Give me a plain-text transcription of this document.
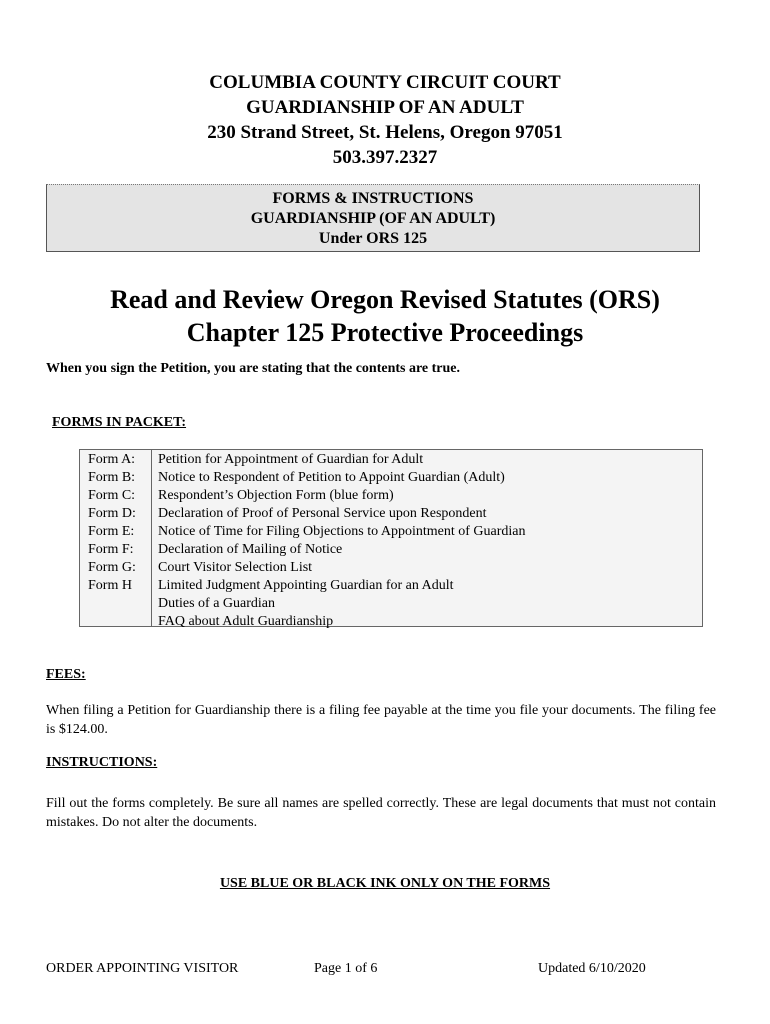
COLUMBIA COUNTY CIRCUIT COURT
GUARDIANSHIP OF AN ADULT
230 Strand Street, St. Helens, Oregon 97051
503.397.2327
FORMS & INSTRUCTIONS
GUARDIANSHIP (OF AN ADULT)
Under ORS 125
Read and Review Oregon Revised Statutes (ORS)
Chapter 125 Protective Proceedings
When you sign the Petition, you are stating that the contents are true.
FORMS IN PACKET:
Form A:
Form B:
Form C:
Form D:
Form E:
Form F:
Form G:
Form H
Petition for Appointment of Guardian for Adult
Notice to Respondent of Petition to Appoint Guardian (Adult)
Respondent’s Objection Form (blue form)
Declaration of Proof of Personal Service upon Respondent
Notice of Time for Filing Objections to Appointment of Guardian
Declaration of Mailing of Notice
Court Visitor Selection List
Limited Judgment Appointing Guardian for an Adult
Duties of a Guardian
FAQ about Adult Guardianship
FEES:
When filing a Petition for Guardianship there is a filing fee payable at the time you file your documents. The filing fee is $124.00.
INSTRUCTIONS:
Fill out the forms completely. Be sure all names are spelled correctly. These are legal documents that must not contain mistakes. Do not alter the documents.
USE BLUE OR BLACK INK ONLY ON THE FORMS
ORDER APPOINTING VISITOR	Page 1 of 6	Updated 6/10/2020
